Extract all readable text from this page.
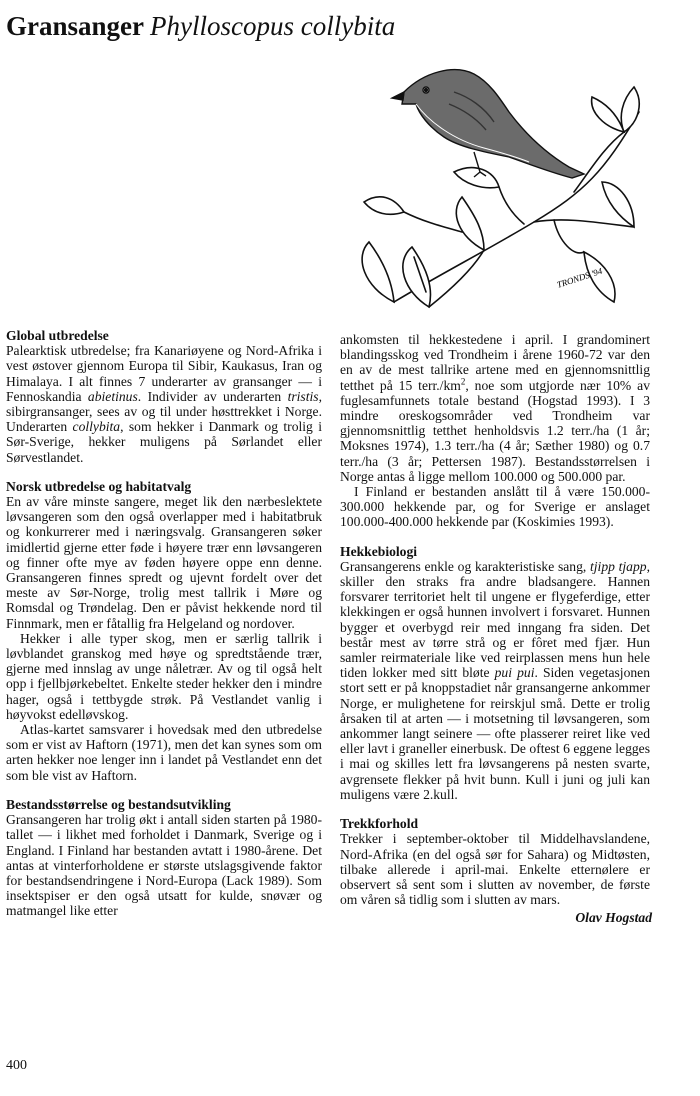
Gransanger Phylloscopus collybita
TRONDS '94
Global utbredelse

Palearktisk utbredelse; fra Kanariøyene og Nord-Afrika i vest østover gjennom Europa til Sibir, Kaukasus, Iran og Himalaya. I alt finnes 7 underarter av gransanger — i Fennoskandia abietinus. Individer av underarten tristis, sibirgransanger, sees av og til under høsttrekket i Norge. Underarten collybita, som hekker i Danmark og trolig i Sør-Sverige, hekker muligens på Sørlandet eller Sørvestlandet.

Norsk utbredelse og habitatvalg

En av våre minste sangere, meget lik den nærbeslektete løvsangeren som den også overlapper med i habitatbruk og konkurrerer med i næringsvalg. Gransangeren søker imidlertid gjerne etter føde i høyere trær enn løvsangeren og finner ofte mye av føden høyere oppe enn denne. Gransangeren finnes spredt og ujevnt fordelt over det meste av Sør-Norge, trolig mest tallrik i Møre og Romsdal og Trøndelag. Den er påvist hekkende nord til Finnmark, men er fåtallig fra Helgeland og nordover.

Hekker i alle typer skog, men er særlig tallrik i løvblandet granskog med høye og spredtstående trær, gjerne med innslag av unge nåletrær. Av og til også helt opp i fjellbjørkebeltet. Enkelte steder hekker den i mindre hager, også i tettbygde strøk. På Vestlandet vanlig i høyvokst edelløvskog.

Atlas-kartet samsvarer i hovedsak med den utbredelse som er vist av Haftorn (1971), men det kan synes som om arten hekker noe lenger inn i landet på Vestlandet enn det som ble vist av Haftorn.

Bestandsstørrelse og bestandsutvikling

Gransangeren har trolig økt i antall siden starten på 1980-tallet — i likhet med forholdet i Danmark, Sverige og i England. I Finland har bestanden avtatt i 1980-årene. Det antas at vinterforholdene er største utslagsgivende faktor for bestandsendringene i Nord-Europa (Lack 1989). Som insektspiser er den også utsatt for kulde, snøvær og matmangel like etter

ankomsten til hekkestedene i april. I grandominert blandingsskog ved Trondheim i årene 1960-72 var den en av de mest tallrike artene med en gjennomsnittlig tetthet på 15 $terr./km^2$, noe som utgjorde nær 10% av fuglesamfunnets totale bestand (Hogstad 1993). I 3 mindre oreskogsområder ved Trondheim var gjennomsnittlig tetthet henholdsvis 1.2 terr./ha (1 år; Moksnes 1974), 1.3 terr./ha (4 år; Sæther 1980) og 0.7 terr./ha (3 år; Pettersen 1987). Bestandsstørrelsen i Norge antas å ligge mellom 100.000 og 500.000 par.

I Finland er bestanden anslått til å være 150.000-300.000 hekkende par, og for Sverige er anslaget 100.000-400.000 hekkende par (Koskimies 1993).

Hekkebiologi

Gransangerens enkle og karakteristiske sang, tjipp tjapp, skiller den straks fra andre bladsangere. Hannen forsvarer territoriet helt til ungene er flygeferdige, etter klekkingen er også hunnen involvert i forsvaret. Hunnen bygger et overbygd reir med inngang fra siden. Det består mest av tørre strå og er fôret med fjær. Hun samler reirmateriale like ved reirplassen mens hun hele tiden lokker med sitt bløte pui pui. Siden vegetasjonen stort sett er på knoppstadiet når gransangerne ankommer Norge, er mulighetene for reirskjul små. Dette er trolig årsaken til at arten — i motsetning til løvsangeren, som ankommer langt seinere — ofte plasserer reiret like ved eller lavt i graneller einerbusk. De oftest 6 eggene legges i mai og skilles lett fra løvsangerens på nesten svarte, avgrensete flekker på hvit bunn. Kull i juni og juli kan muligens være 2.kull.

Trekkforhold

Trekker i september-oktober til Middelhavslandene, Nord-Afrika (en del også sør for Sahara) og Midtøsten, tilbake allerede i april-mai. Enkelte etternølere er observert så sent som i slutten av november, de første om våren så tidlig som i slutten av mars.

Olav Hogstad
400
